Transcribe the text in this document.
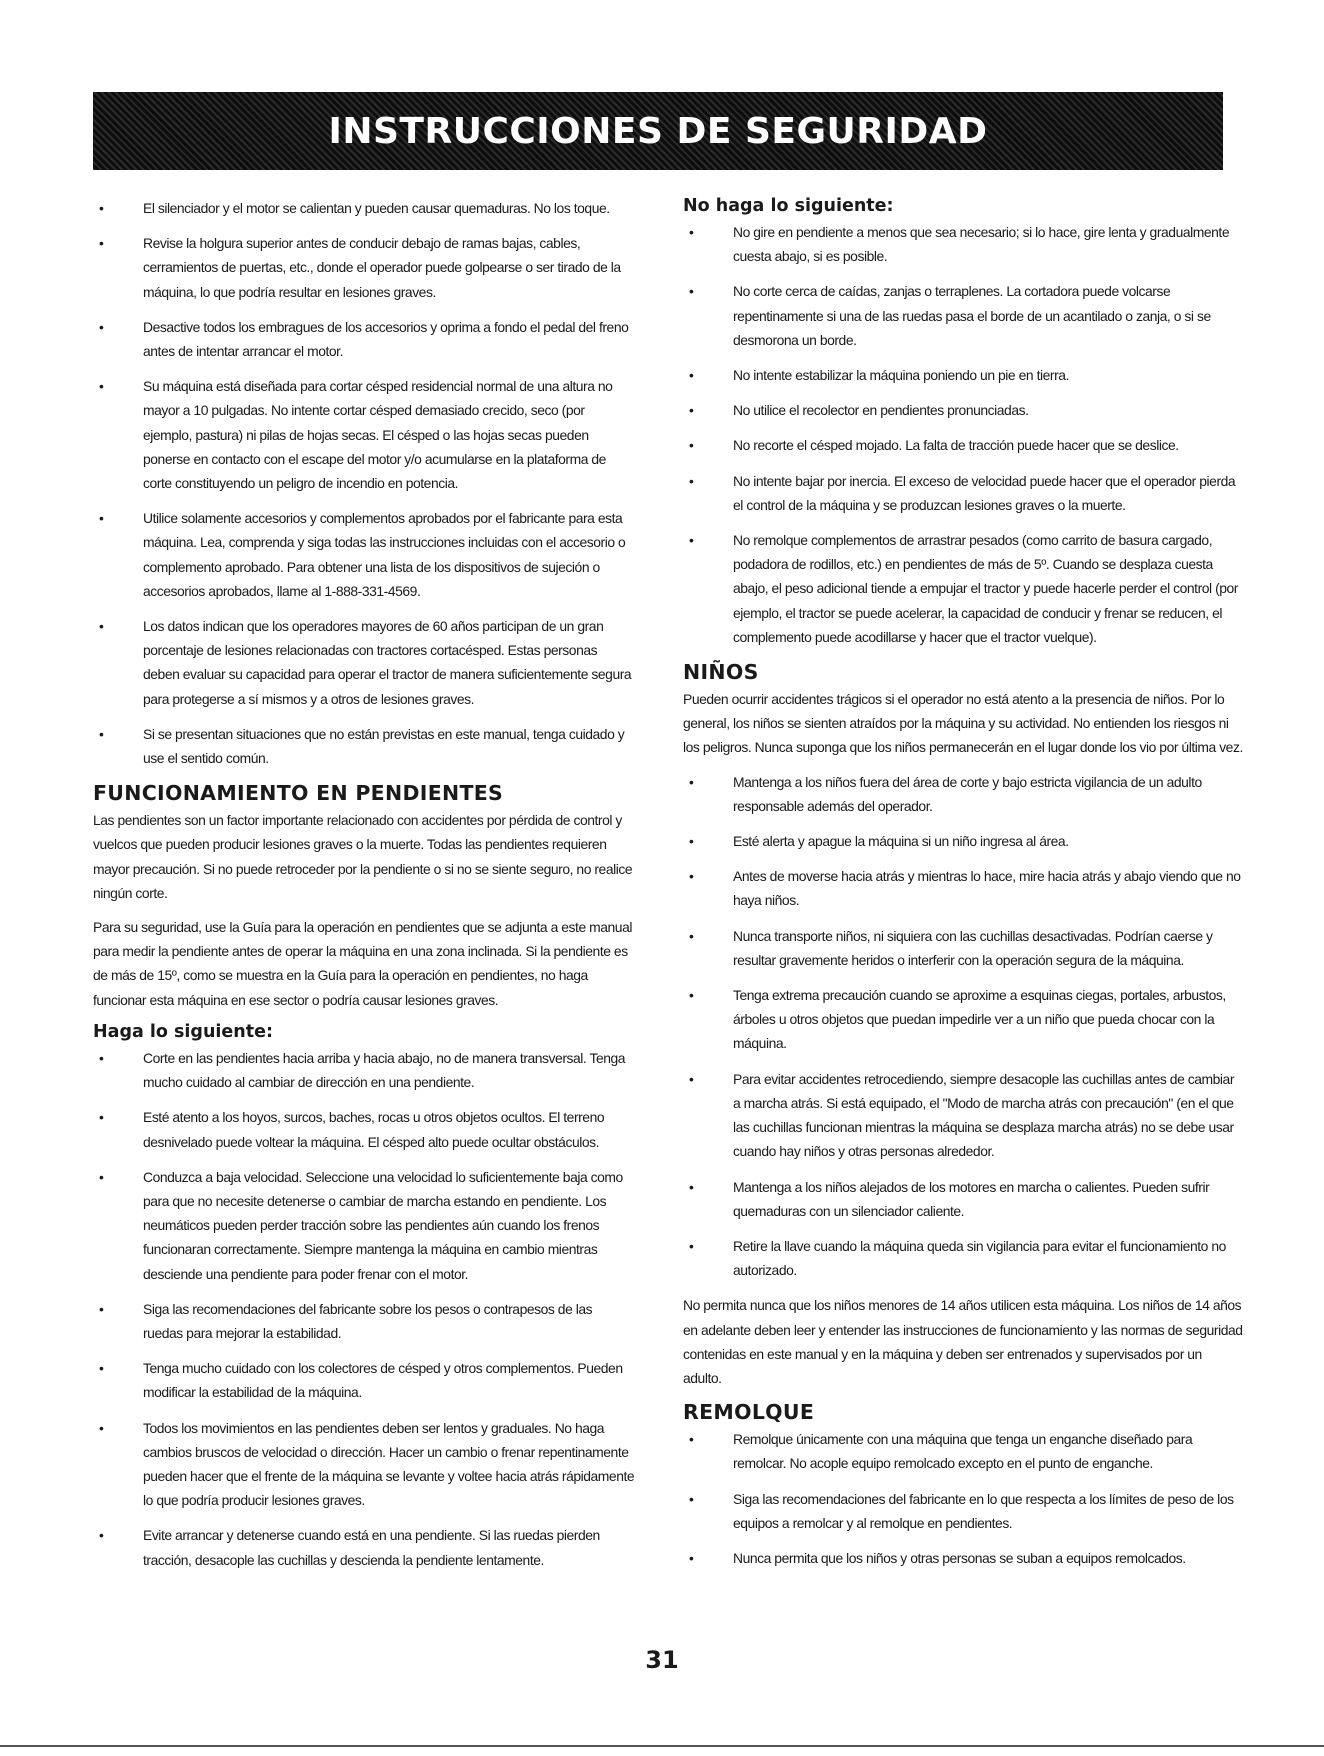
INSTRUCCIONES DE SEGURIDAD
•	El silenciador y el motor se calientan y pueden causar quemaduras. No los toque.
•	Revise la holgura superior antes de conducir debajo de ramas bajas, cables, cerramientos de puertas, etc., donde el operador puede golpearse o ser tirado de la máquina, lo que podría resultar en lesiones graves.
•	Desactive todos los embragues de los accesorios y oprima a fondo el pedal del freno antes de intentar arrancar el motor.
•	Su máquina está diseñada para cortar césped residencial normal de una altura no mayor a 10 pulgadas. No intente cortar césped demasiado crecido, seco (por ejemplo, pastura) ni pilas de hojas secas. El césped o las hojas secas pueden ponerse en contacto con el escape del motor y/o acumularse en la plataforma de corte constituyendo un peligro de incendio en potencia.
•	Utilice solamente accesorios y complementos aprobados por el fabricante para esta máquina. Lea, comprenda y siga todas las instrucciones incluidas con el accesorio o complemento aprobado. Para obtener una lista de los dispositivos de sujeción o accesorios aprobados, llame al 1-888-331-4569.
•	Los datos indican que los operadores mayores de 60 años participan de un gran porcentaje de lesiones relacionadas con tractores cortacésped. Estas personas deben evaluar su capacidad para operar el tractor de manera suficientemente segura para protegerse a sí mismos y a otros de lesiones graves.
•	Si se presentan situaciones que no están previstas en este manual, tenga cuidado y use el sentido común.
FUNCIONAMIENTO EN PENDIENTES

Las pendientes son un factor importante relacionado con accidentes por pérdida de control y vuelcos que pueden producir lesiones graves o la muerte. Todas las pendientes requieren mayor precaución. Si no puede retroceder por la pendiente o si no se siente seguro, no realice ningún corte.

Para su seguridad, use la Guía para la operación en pendientes que se adjunta a este manual para medir la pendiente antes de operar la máquina en una zona inclinada. Si la pendiente es de más de 15º, como se muestra en la Guía para la operación en pendientes, no haga funcionar esta máquina en ese sector o podría causar lesiones graves.

Haga lo siguiente:
•	Corte en las pendientes hacia arriba y hacia abajo, no de manera transversal. Tenga mucho cuidado al cambiar de dirección en una pendiente.
•	Esté atento a los hoyos, surcos, baches, rocas u otros objetos ocultos. El terreno desnivelado puede voltear la máquina. El césped alto puede ocultar obstáculos.
•	Conduzca a baja velocidad. Seleccione una velocidad lo suficientemente baja como para que no necesite detenerse o cambiar de marcha estando en pendiente. Los neumáticos pueden perder tracción sobre las pendientes aún cuando los frenos funcionaran correctamente. Siempre mantenga la máquina en cambio mientras desciende una pendiente para poder frenar con el motor.
•	Siga las recomendaciones del fabricante sobre los pesos o contrapesos de las ruedas para mejorar la estabilidad.
•	Tenga mucho cuidado con los colectores de césped y otros complementos. Pueden modificar la estabilidad de la máquina.
•	Todos los movimientos en las pendientes deben ser lentos y graduales. No haga cambios bruscos de velocidad o dirección. Hacer un cambio o frenar repentinamente pueden hacer que el frente de la máquina se levante y voltee hacia atrás rápidamente lo que podría producir lesiones graves.
•	Evite arrancar y detenerse cuando está en una pendiente. Si las ruedas pierden tracción, desacople las cuchillas y descienda la pendiente lentamente.
No haga lo siguiente:
•	No gire en pendiente a menos que sea necesario; si lo hace, gire lenta y gradualmente cuesta abajo, si es posible.
•	No corte cerca de caídas, zanjas o terraplenes. La cortadora puede volcarse repentinamente si una de las ruedas pasa el borde de un acantilado o zanja, o si se desmorona un borde.
•	No intente estabilizar la máquina poniendo un pie en tierra.
•	No utilice el recolector en pendientes pronunciadas.
•	No recorte el césped mojado. La falta de tracción puede hacer que se deslice.
•	No intente bajar por inercia. El exceso de velocidad puede hacer que el operador pierda el control de la máquina y se produzcan lesiones graves o la muerte.
•	No remolque complementos de arrastrar pesados (como carrito de basura cargado, podadora de rodillos, etc.) en pendientes de más de 5º. Cuando se desplaza cuesta abajo, el peso adicional tiende a empujar el tractor y puede hacerle perder el control (por ejemplo, el tractor se puede acelerar, la capacidad de conducir y frenar se reducen, el complemento puede acodillarse y hacer que el tractor vuelque).
NIÑOS

Pueden ocurrir accidentes trágicos si el operador no está atento a la presencia de niños. Por lo general, los niños se sienten atraídos por la máquina y su actividad. No entienden los riesgos ni los peligros. Nunca suponga que los niños permanecerán en el lugar donde los vio por última vez.

•	Mantenga a los niños fuera del área de corte y bajo estricta vigilancia de un adulto responsable además del operador.
•	Esté alerta y apague la máquina si un niño ingresa al área.
•	Antes de moverse hacia atrás y mientras lo hace, mire hacia atrás y abajo viendo que no haya niños.
•	Nunca transporte niños, ni siquiera con las cuchillas desactivadas. Podrían caerse y resultar gravemente heridos o interferir con la operación segura de la máquina.
•	Tenga extrema precaución cuando se aproxime a esquinas ciegas, portales, arbustos, árboles u otros objetos que puedan impedirle ver a un niño que pueda chocar con la máquina.
•	Para evitar accidentes retrocediendo, siempre desacople las cuchillas antes de cambiar a marcha atrás. Si está equipado, el "Modo de marcha atrás con precaución" (en el que las cuchillas funcionan mientras la máquina se desplaza marcha atrás) no se debe usar cuando hay niños y otras personas alrededor.
•	Mantenga a los niños alejados de los motores en marcha o calientes. Pueden sufrir quemaduras con un silenciador caliente.
•	Retire la llave cuando la máquina queda sin vigilancia para evitar el funcionamiento no autorizado.

No permita nunca que los niños menores de 14 años utilicen esta máquina. Los niños de 14 años en adelante deben leer y entender las instrucciones de funcionamiento y las normas de seguridad contenidas en este manual y en la máquina y deben ser entrenados y supervisados por un adulto.

REMOLQUE
•	Remolque únicamente con una máquina que tenga un enganche diseñado para remolcar. No acople equipo remolcado excepto en el punto de enganche.
•	Siga las recomendaciones del fabricante en lo que respecta a los límites de peso de los equipos a remolcar y al remolque en pendientes.
•	Nunca permita que los niños y otras personas se suban a equipos remolcados.
31
